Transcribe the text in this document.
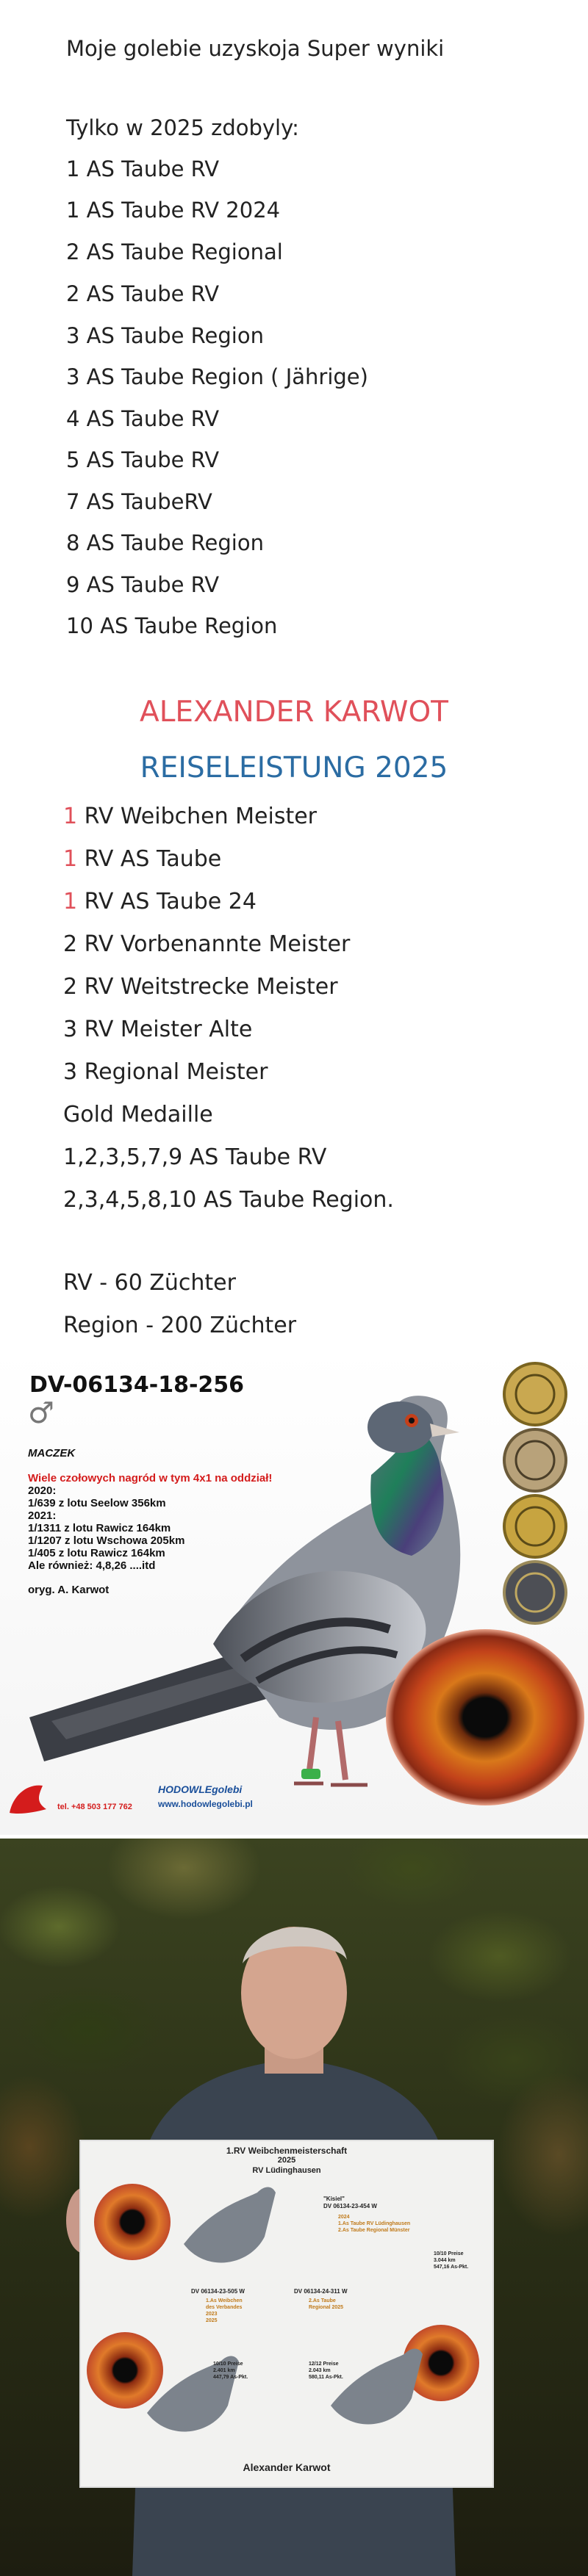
Moje golebie uzyskoja Super wyniki
Tylko w 2025 zdobyly:
1 AS Taube RV
1 AS Taube RV 2024
2 AS Taube Regional
2 AS Taube RV
3 AS Taube Region
3 AS Taube Region ( Jährige)
4 AS Taube RV
5 AS Taube RV
7 AS TaubeRV
8 AS Taube Region
9 AS Taube RV
10 AS Taube Region
ALEXANDER KARWOT
REISELEISTUNG 2025
1 RV Weibchen Meister
1 RV AS Taube
1 RV AS Taube 24
2 RV Vorbenannte Meister
2 RV Weitstrecke Meister
3 RV Meister Alte
3 Regional Meister
Gold Medaille
1,2,3,5,7,9 AS Taube RV
2,3,4,5,8,10 AS Taube Region.
RV - 60 Züchter
Region - 200 Züchter
DV-06134-18-256
♂
MACZEK
Wiele czołowych nagród w tym 4x1 na oddział!
2020:
1/639 z lotu Seelow 356km
2021:
1/1311 z lotu Rawicz 164km
1/1207 z lotu Wschowa 205km
1/405 z lotu Rawicz 164km
Ale również: 4,8,26 ....itd
oryg. A. Karwot
tel. +48 503 177 762
HODOWLEgolebi
www.hodowlegolebi.pl
1.RV Weibchenmeisterschaft
2025
RV Lüdinghausen
"Kisiel"
DV 06134-23-454 W
2024
1.As Taube RV Lüdinghausen
2.As Taube Regional Münster
10/10 Preise
3.044 km
547,16 As-Pkt.
DV 06134-23-505 W
1.As Weibchen
des Verbandes
2023
2025
10/10 Preise
2.401 km
447,79 As-Pkt.
DV 06134-24-311 W
2.As Taube
Regional 2025
12/12 Preise
2.043 km
580,11 As-Pkt.
Alexander Karwot
